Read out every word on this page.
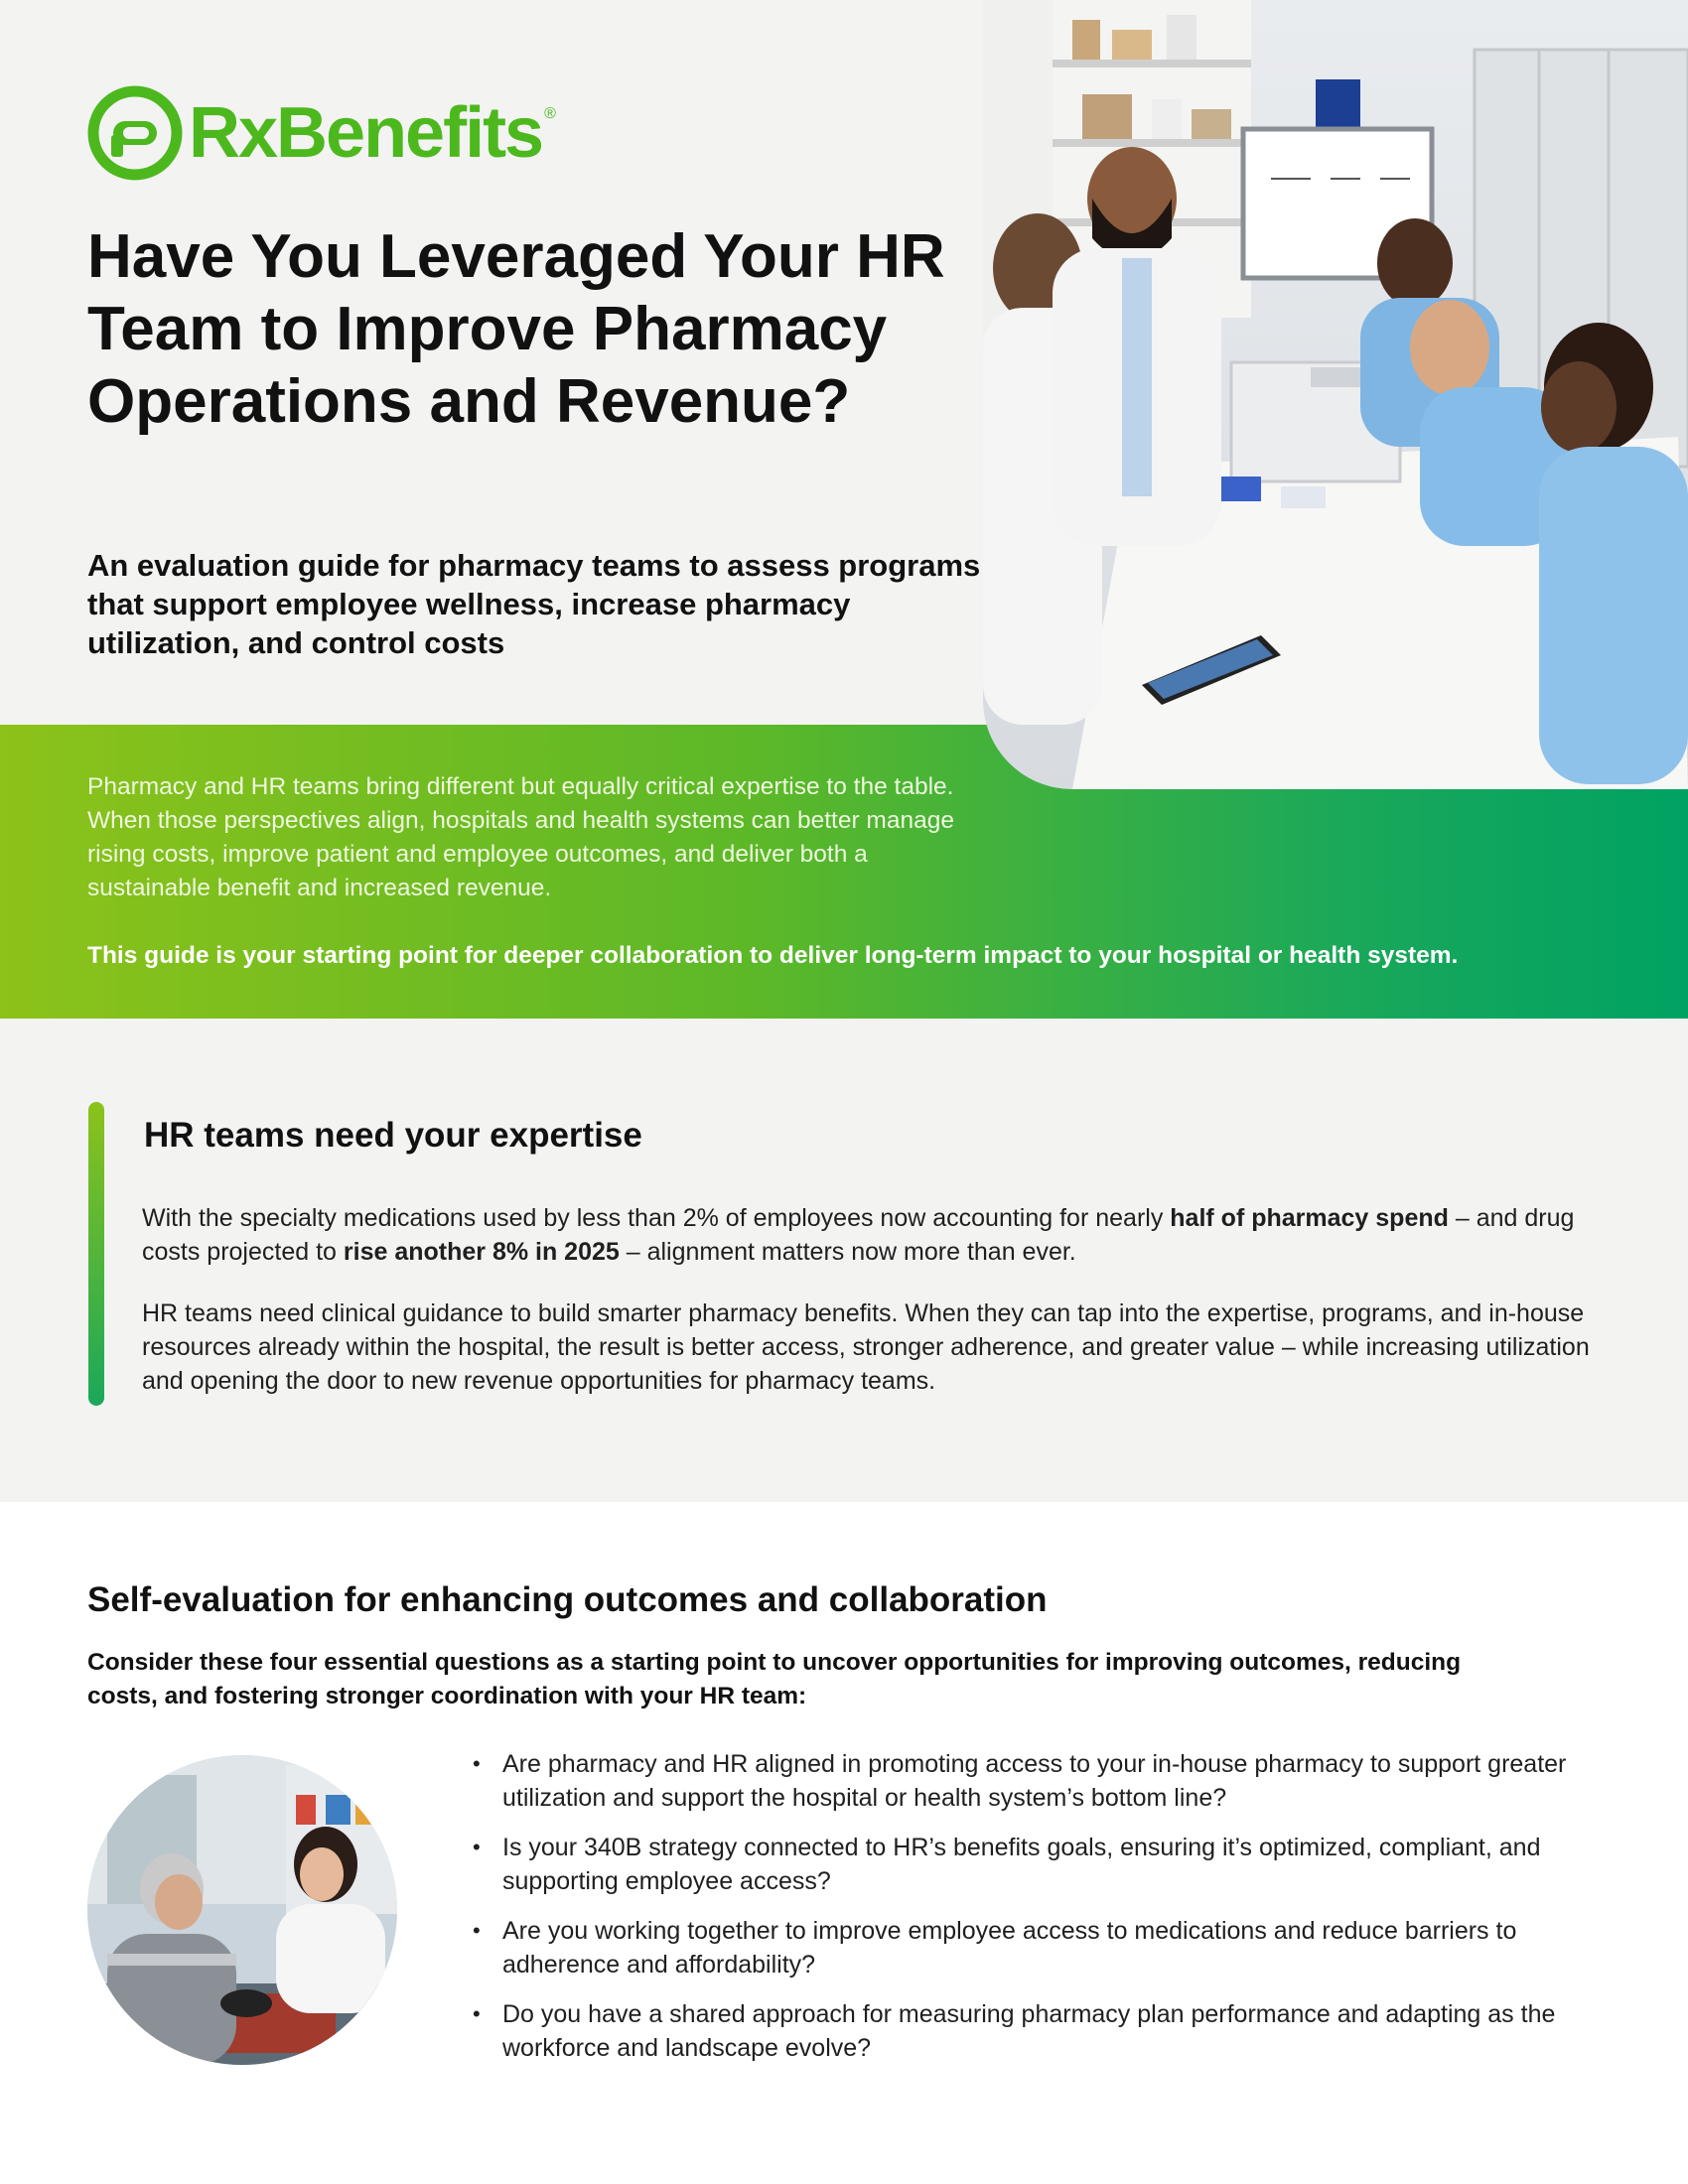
RxBenefits ®
Have You Leveraged Your HR Team to Improve Pharmacy Operations and Revenue?
An evaluation guide for pharmacy teams to assess programs that support employee wellness, increase pharmacy utilization, and control costs

Pharmacy and HR teams bring different but equally critical expertise to the table. When those perspectives align, hospitals and health systems can better manage rising costs, improve patient and employee outcomes, and deliver both a sustainable benefit and increased revenue.

This guide is your starting point for deeper collaboration to deliver long-term impact to your hospital or health system.

HR teams need your expertise

With the specialty medications used by less than 2% of employees now accounting for nearly half of pharmacy spend – and drug costs projected to rise another 8% in 2025 – alignment matters now more than ever.

HR teams need clinical guidance to build smarter pharmacy benefits. When they can tap into the expertise, programs, and in-house resources already within the hospital, the result is better access, stronger adherence, and greater value – while increasing utilization and opening the door to new revenue opportunities for pharmacy teams.

Self-evaluation for enhancing outcomes and collaboration

Consider these four essential questions as a starting point to uncover opportunities for improving outcomes, reducing costs, and fostering stronger coordination with your HR team:

• Are pharmacy and HR aligned in promoting access to your in-house pharmacy to support greater utilization and support the hospital or health system’s bottom line?
• Is your 340B strategy connected to HR’s benefits goals, ensuring it’s optimized, compliant, and supporting employee access?
• Are you working together to improve employee access to medications and reduce barriers to adherence and affordability?
• Do you have a shared approach for measuring pharmacy plan performance and adapting as the workforce and landscape evolve?
